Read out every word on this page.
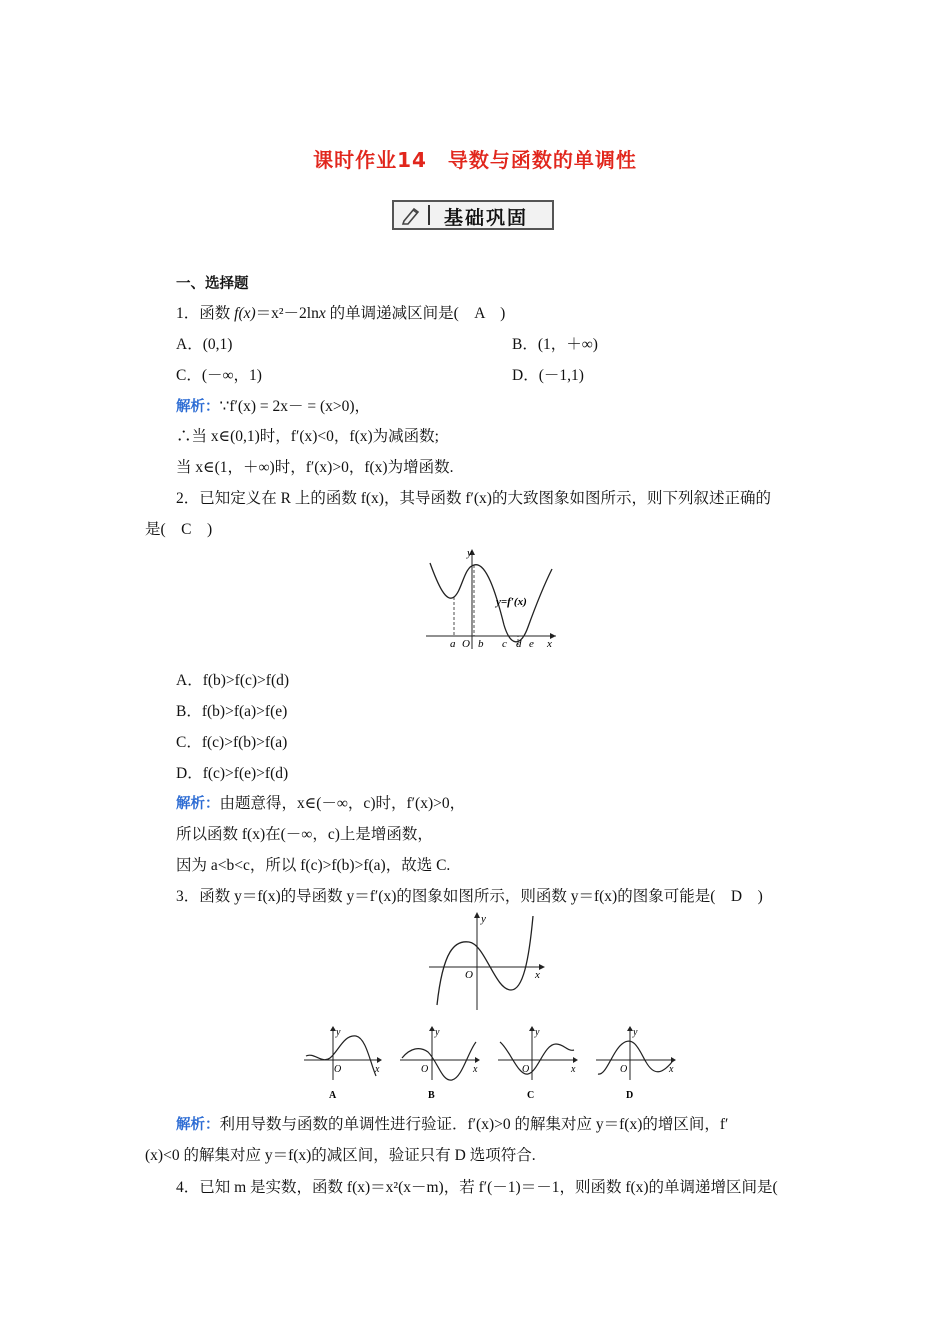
课时作业14　导数与函数的单调性
基础巩固
一、选择题
1．函数 f(x)＝x²－2lnx 的单调递减区间是(　A　)
A．(0,1)	B．(1，＋∞)
C．(－∞，1)	D．(－1,1)
解析：∵f′(x) = 2x－ = (x>0)，
∴当 x∈(0,1)时，f′(x)<0，f(x)为减函数;
当 x∈(1，＋∞)时，f′(x)>0，f(x)为增函数.
2．已知定义在 R 上的函数 f(x)，其导函数 f′(x)的大致图象如图所示，则下列叙述正确的
是(　C　)
y
x
y=f′(x)
a O b c d e
A．f(b)>f(c)>f(d)
B．f(b)>f(a)>f(e)
C．f(c)>f(b)>f(a)
D．f(c)>f(e)>f(d)
解析：由题意得，x∈(－∞，c)时，f′(x)>0，
所以函数 f(x)在(－∞，c)上是增函数，
因为 a<b<c，所以 f(c)>f(b)>f(a)，故选 C.
3．函数 y＝f(x)的导函数 y＝f′(x)的图象如图所示，则函数 y＝f(x)的图象可能是(　D　)
y
x
O
y
x
O
A
y
x
O
B
y
x
O
C
y
x
O
D
解析：利用导数与函数的单调性进行验证．f′(x)>0 的解集对应 y＝f(x)的增区间，f′
(x)<0 的解集对应 y＝f(x)的减区间，验证只有 D 选项符合.
4．已知 m 是实数，函数 f(x)＝x²(x－m)，若 f′(－1)＝－1，则函数 f(x)的单调递增区间是(
